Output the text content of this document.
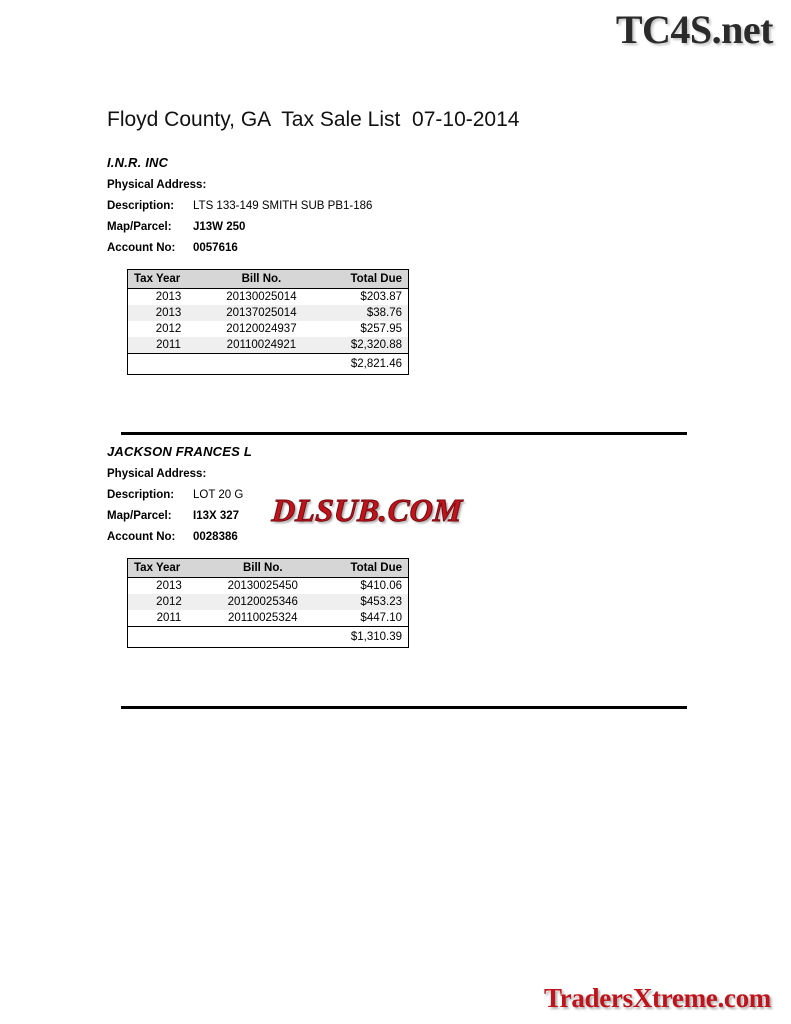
TC4S.net
Floyd County, GA  Tax Sale List  07-10-2014
I.N.R. INC
Physical Address:
Description: LTS 133-149 SMITH SUB PB1-186
Map/Parcel: J13W 250
Account No: 0057616
Tax Year	Bill No.	Total Due
2013	20130025014	$203.87
2013	20137025014	$38.76
2012	20120024937	$257.95
2011	20110024921	$2,320.88
$2,821.46		
JACKSON FRANCES L
Physical Address:
Description: LOT 20 G
Map/Parcel: I13X 327
Account No: 0028386
Tax Year	Bill No.	Total Due
2013	20130025450	$410.06
2012	20120025346	$453.23
2011	20110025324	$447.10
$1,310.39		
DLSUB.COM
TradersXtreme.com
